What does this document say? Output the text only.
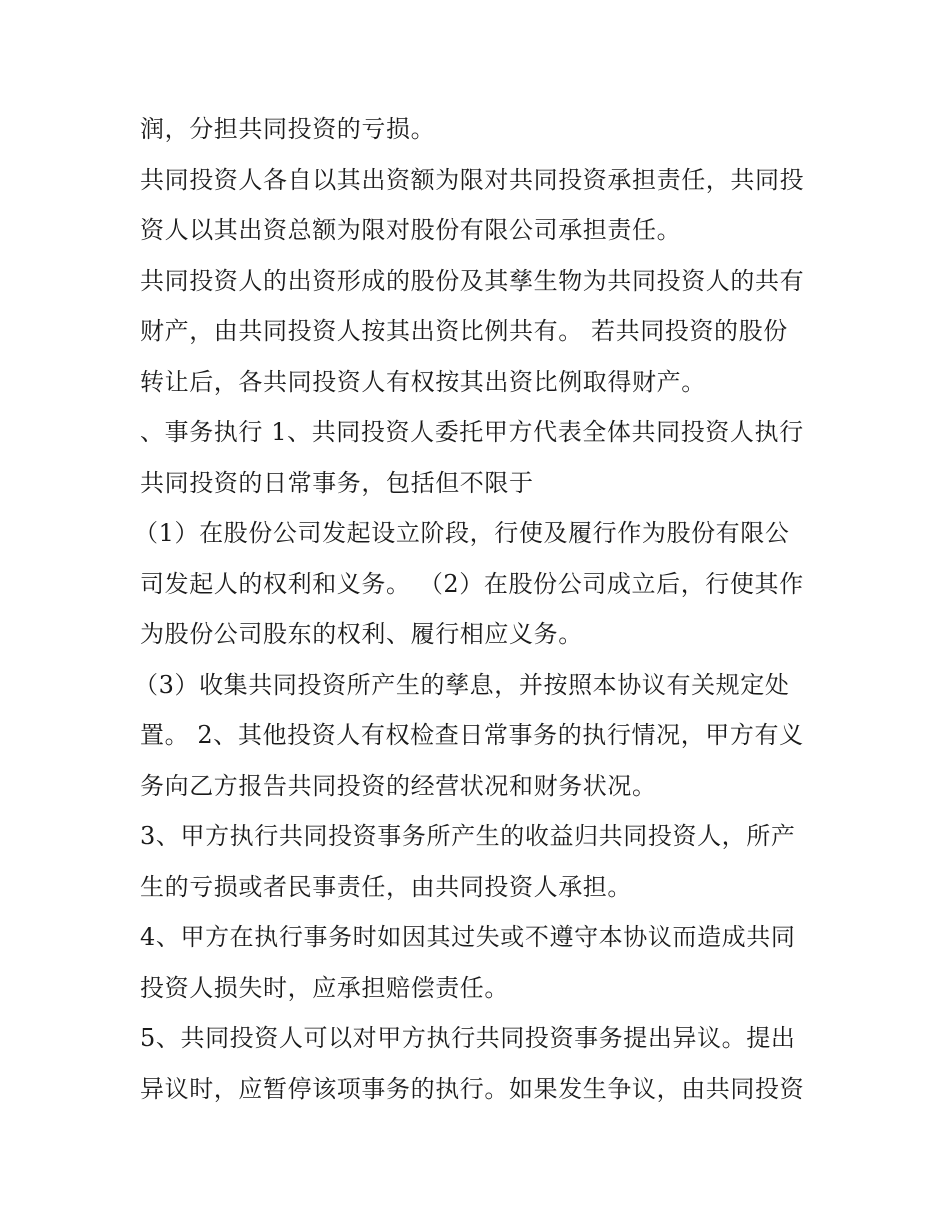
润，分担共同投资的亏损。
共同投资人各自以其出资额为限对共同投资承担责任，共同投
资人以其出资总额为限对股份有限公司承担责任。
共同投资人的出资形成的股份及其孳生物为共同投资人的共有
财产，由共同投资人按其出资比例共有。 若共同投资的股份
转让后，各共同投资人有权按其出资比例取得财产。
、事务执行 1、共同投资人委托甲方代表全体共同投资人执行
共同投资的日常事务，包括但不限于
（1）在股份公司发起设立阶段，行使及履行作为股份有限公
司发起人的权利和义务。 （2）在股份公司成立后，行使其作
为股份公司股东的权利、履行相应义务。
（3）收集共同投资所产生的孳息，并按照本协议有关规定处
置。 2、其他投资人有权检查日常事务的执行情况，甲方有义
务向乙方报告共同投资的经营状况和财务状况。
3、甲方执行共同投资事务所产生的收益归共同投资人，所产
生的亏损或者民事责任，由共同投资人承担。
4、甲方在执行事务时如因其过失或不遵守本协议而造成共同
投资人损失时，应承担赔偿责任。
5、共同投资人可以对甲方执行共同投资事务提出异议。提出
异议时，应暂停该项事务的执行。如果发生争议，由共同投资
